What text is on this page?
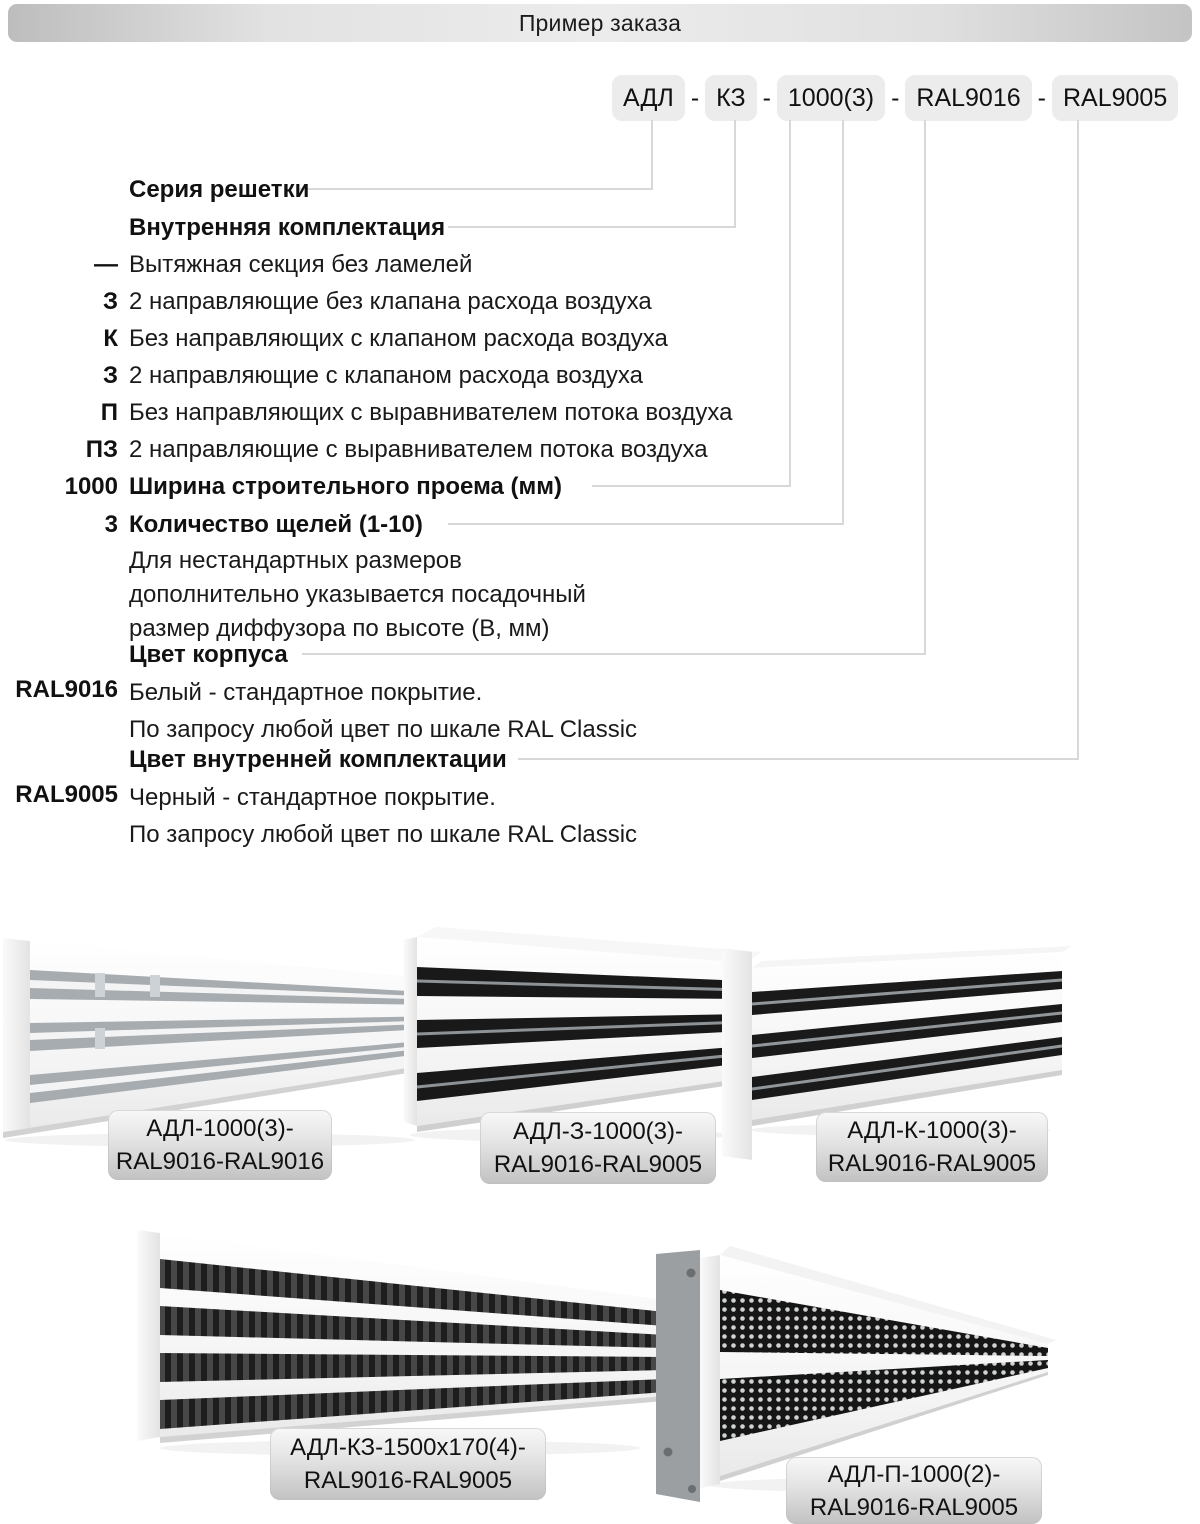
Пример заказа
АДЛ - КЗ - 1000(3) - RAL9016 - RAL9005
Серия решетки
Внутренняя комплектация
— Вытяжная секция без ламелей
З 2 направляющие без клапана расхода воздуха
К Без направляющих с клапаном расхода воздуха
З 2 направляющие с клапаном расхода воздуха
П Без направляющих с выравнивателем потока воздуха
ПЗ 2 направляющие с выравнивателем потока воздуха
1000 Ширина строительного проема (мм)
3 Количество щелей (1-10)
Для нестандартных размеров
дополнительно указывается посадочный
размер диффузора по высоте (В, мм)
Цвет корпуса
RAL9016 Белый - стандартное покрытие.
По запросу любой цвет по шкале RAL Classic
Цвет внутренней комплектации
RAL9005 Черный - стандартное покрытие.
По запросу любой цвет по шкале RAL Classic
АДЛ-1000(3)-
RAL9016-RAL9016
АДЛ-З-1000(3)-
RAL9016-RAL9005
АДЛ-К-1000(3)-
RAL9016-RAL9005
АДЛ-КЗ-1500х170(4)-
RAL9016-RAL9005	АДЛ-П-1000(2)-
RAL9016-RAL9005
